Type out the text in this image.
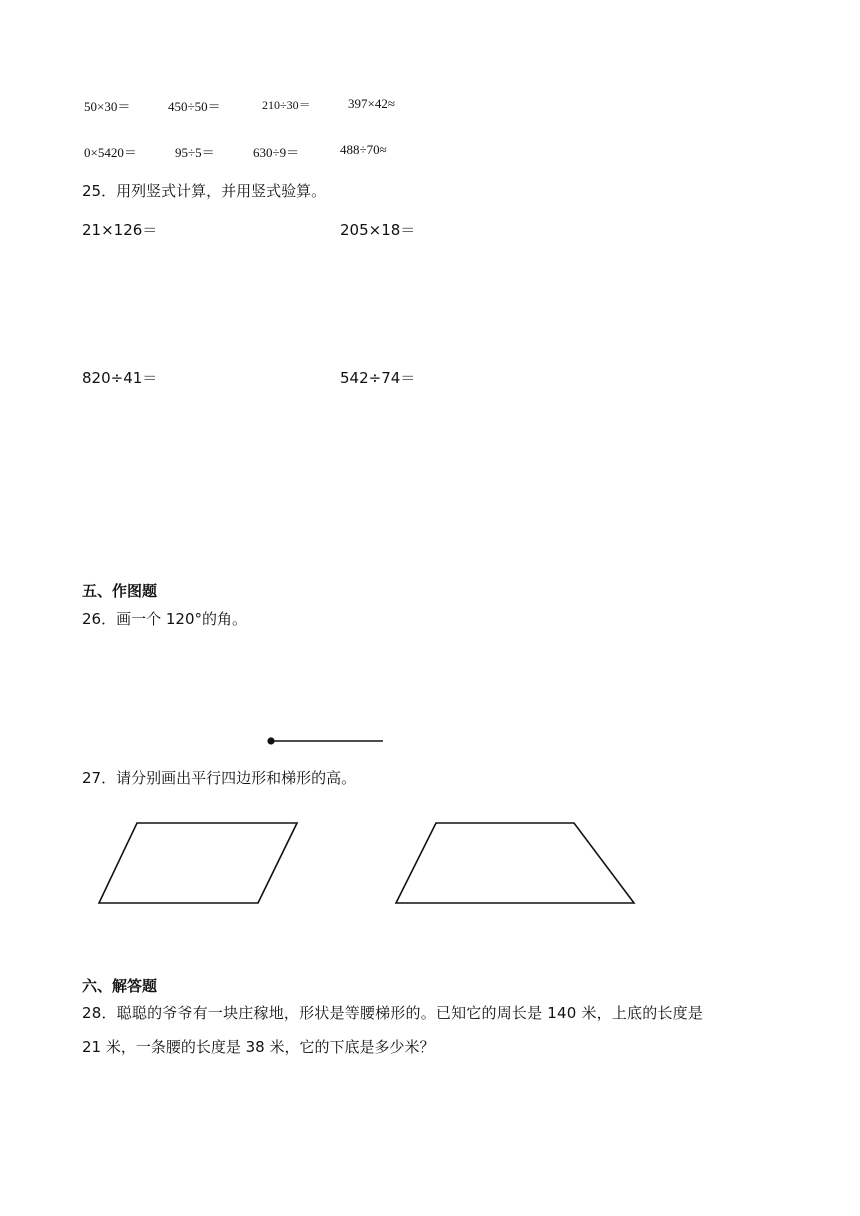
50×30＝	450÷50＝	210÷30＝	397×42≈
0×5420＝	95÷5＝	630÷9＝	488÷70≈
25．用列竖式计算，并用竖式验算。
21×126＝	205×18＝
820÷41＝	542÷74＝
五、作图题
26．画一个 120°的角。
27．请分别画出平行四边形和梯形的高。
六、解答题
28．聪聪的爷爷有一块庄稼地，形状是等腰梯形的。已知它的周长是 140 米，上底的长度是
21 米，一条腰的长度是 38 米，它的下底是多少米？
